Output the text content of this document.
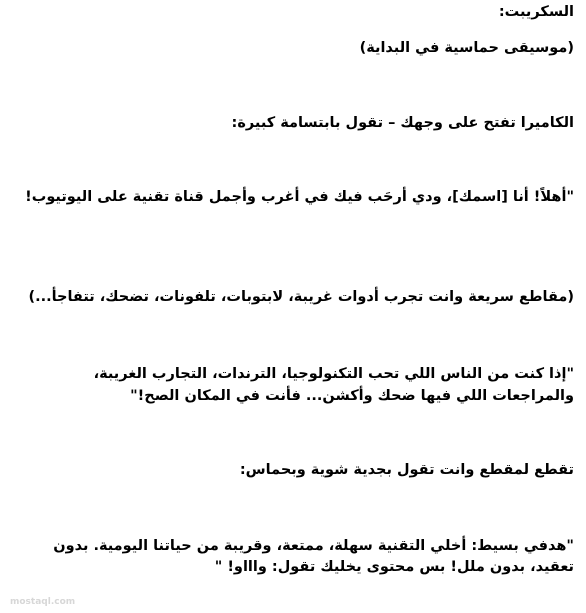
السكريبت:
(موسيقى حماسية في البداية)
الكاميرا تفتح على وجهك – تقول بابتسامة كبيرة:
"أهلاً! أنا [اسمك]، ودي أرحَب فيك في أغرب وأجمل قناة تقنية على اليوتيوب!
(مقاطع سريعة وانت تجرب أدوات غريبة، لابتوبات، تلفونات، تضحك، تتفاجأ...)
"إذا كنت من الناس اللي تحب التكنولوجيا، الترندات، التجارب الغريبة،
والمراجعات اللي فيها ضحك وأكشن... فأنت في المكان الصح!"
تقطع لمقطع وانت تقول بجدية شوية وبحماس:
"هدفي بسيط: أخلي التقنية سهلة، ممتعة، وقريبة من حياتنا اليومية. بدون
تعقيد، بدون ملل! بس محتوى يخليك تقول: واااو! "
mostaql.com
